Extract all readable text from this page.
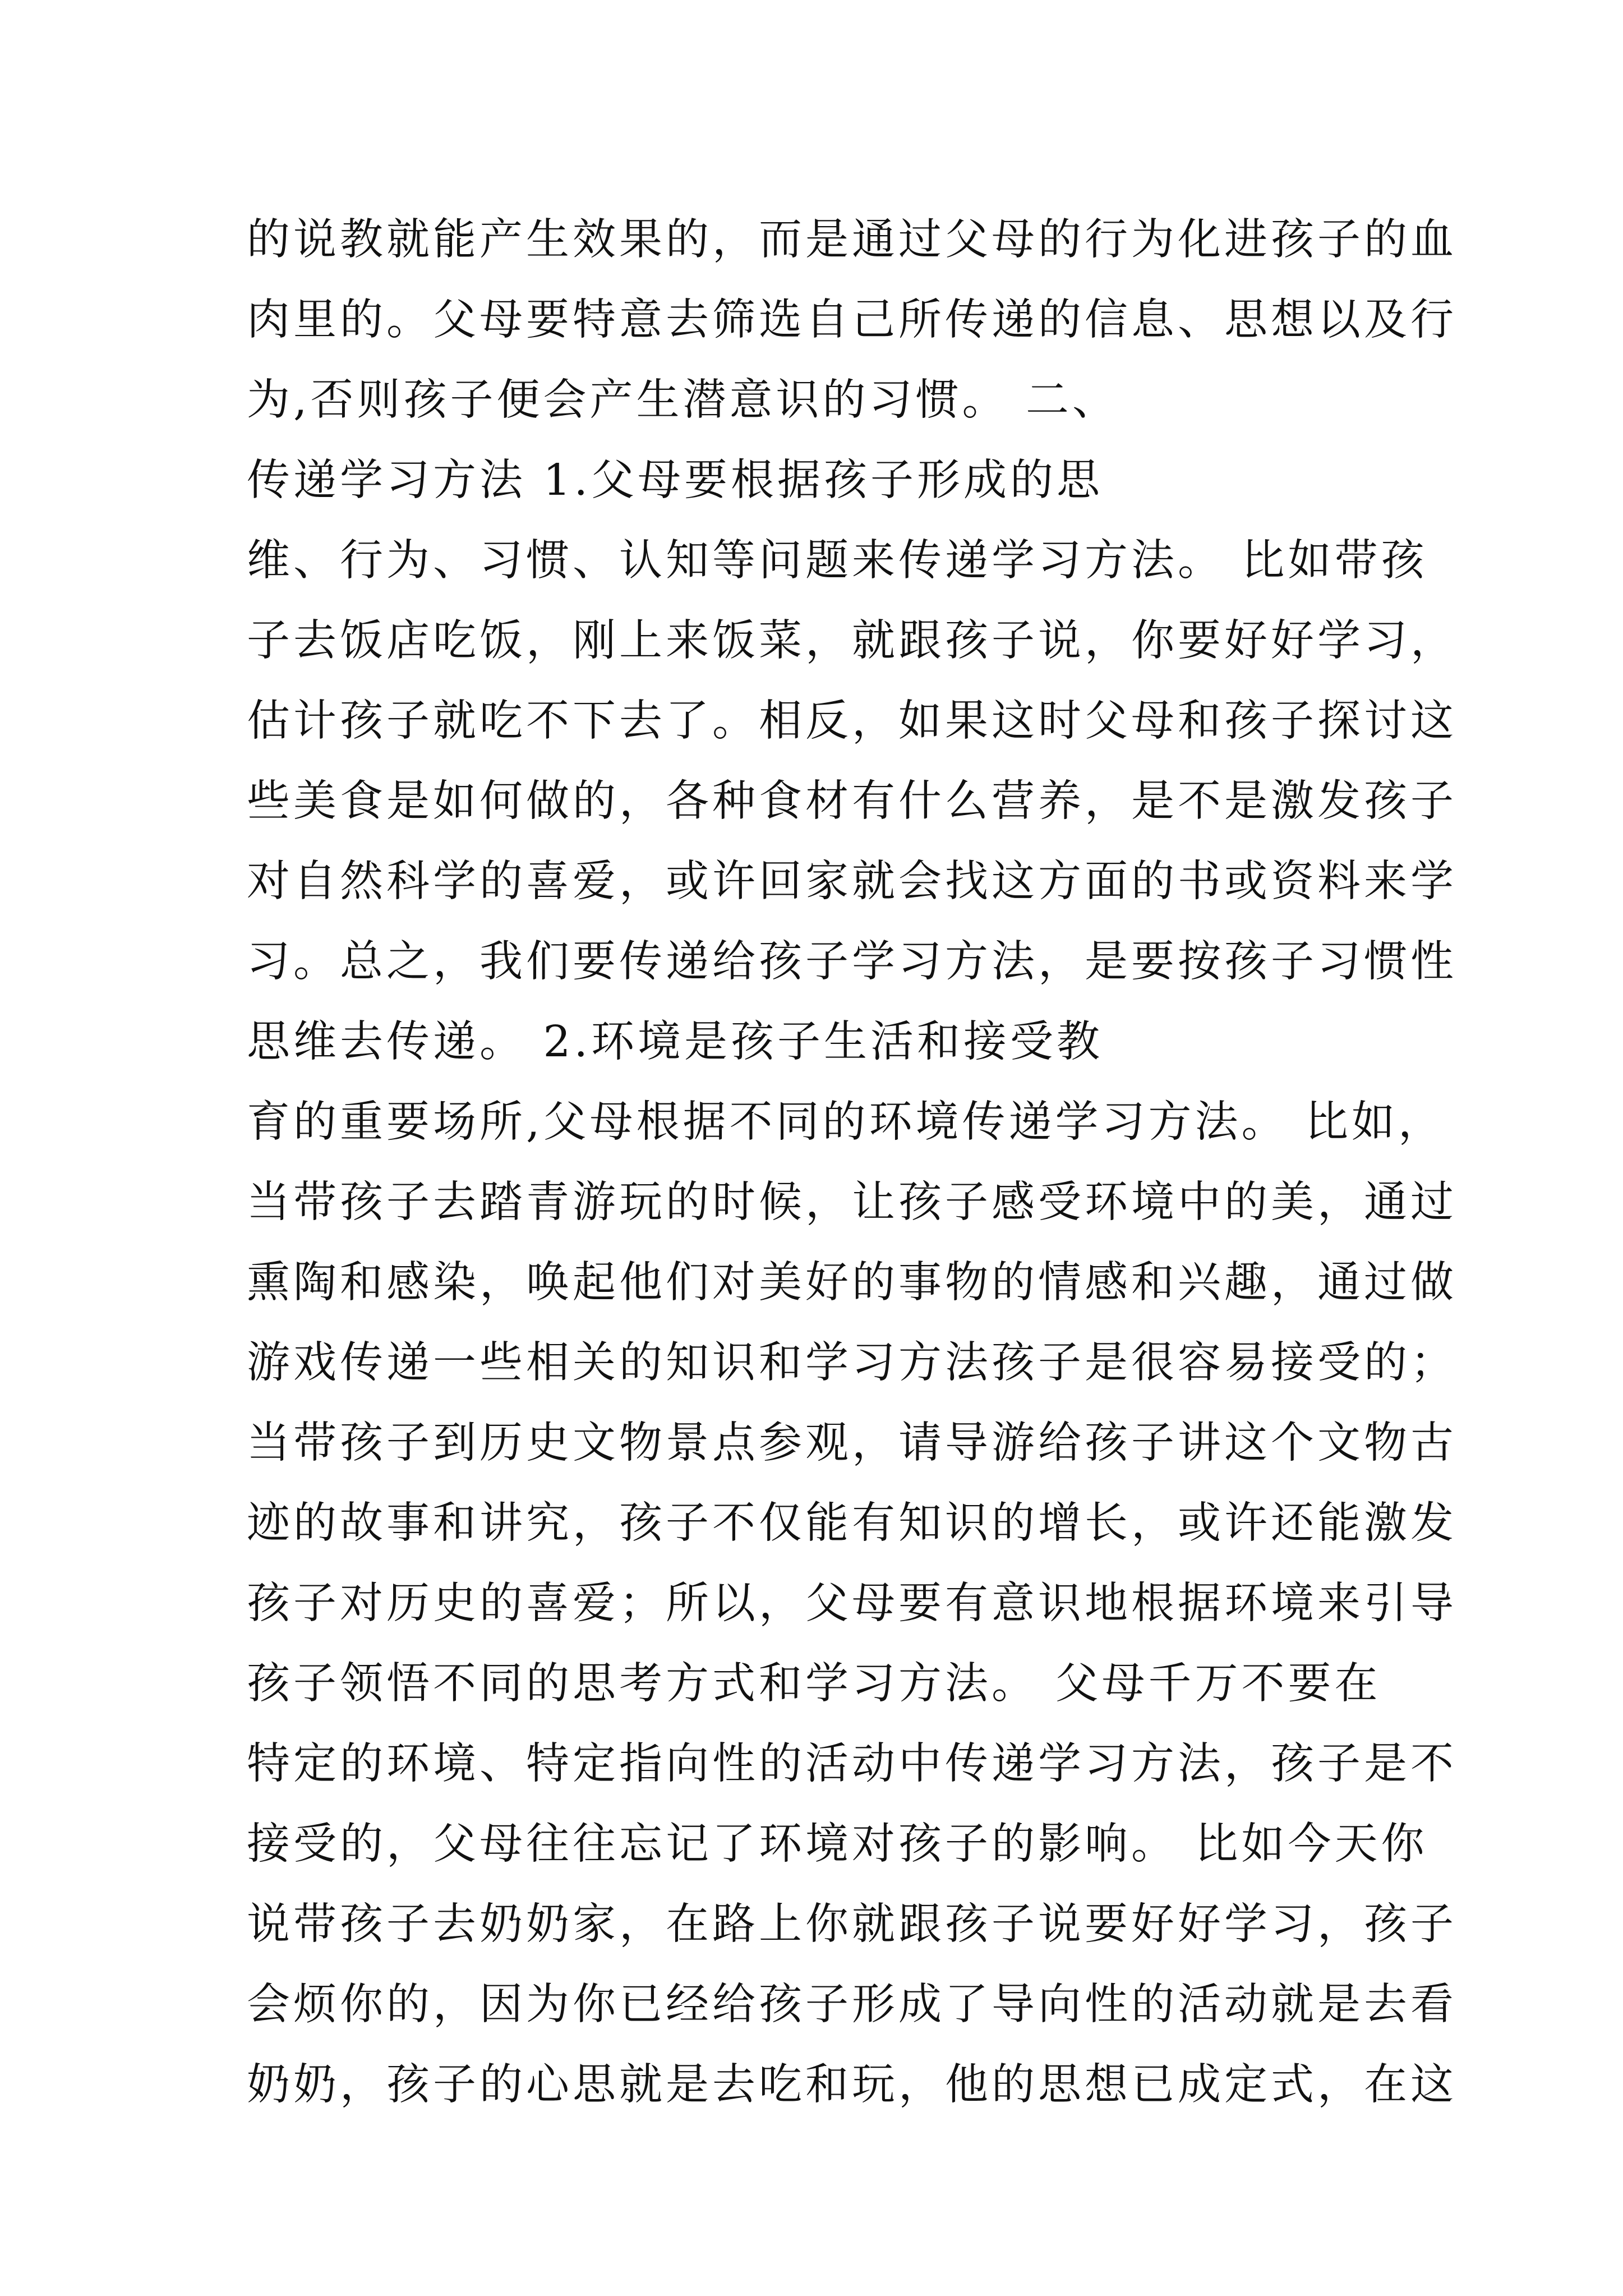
的说教就能产生效果的，而是通过父母的行为化进孩子的血
肉里的。父母要特意去筛选自己所传递的信息、思想以及行
为,否则孩子便会产生潜意识的习惯。 二、
传递学习方法 1.父母要根据孩子形成的思
维、行为、习惯、认知等问题来传递学习方法。 比如带孩
子去饭店吃饭，刚上来饭菜，就跟孩子说，你要好好学习，
估计孩子就吃不下去了。相反，如果这时父母和孩子探讨这
些美食是如何做的，各种食材有什么营养，是不是激发孩子
对自然科学的喜爱，或许回家就会找这方面的书或资料来学
习。总之，我们要传递给孩子学习方法，是要按孩子习惯性
思维去传递。 2.环境是孩子生活和接受教
育的重要场所,父母根据不同的环境传递学习方法。 比如，
当带孩子去踏青游玩的时候，让孩子感受环境中的美，通过
熏陶和感染，唤起他们对美好的事物的情感和兴趣，通过做
游戏传递一些相关的知识和学习方法孩子是很容易接受的；
当带孩子到历史文物景点参观，请导游给孩子讲这个文物古
迹的故事和讲究，孩子不仅能有知识的增长，或许还能激发
孩子对历史的喜爱；所以，父母要有意识地根据环境来引导
孩子领悟不同的思考方式和学习方法。 父母千万不要在
特定的环境、特定指向性的活动中传递学习方法，孩子是不
接受的，父母往往忘记了环境对孩子的影响。 比如今天你
说带孩子去奶奶家，在路上你就跟孩子说要好好学习，孩子
会烦你的，因为你已经给孩子形成了导向性的活动就是去看
奶奶，孩子的心思就是去吃和玩，他的思想已成定式，在这
